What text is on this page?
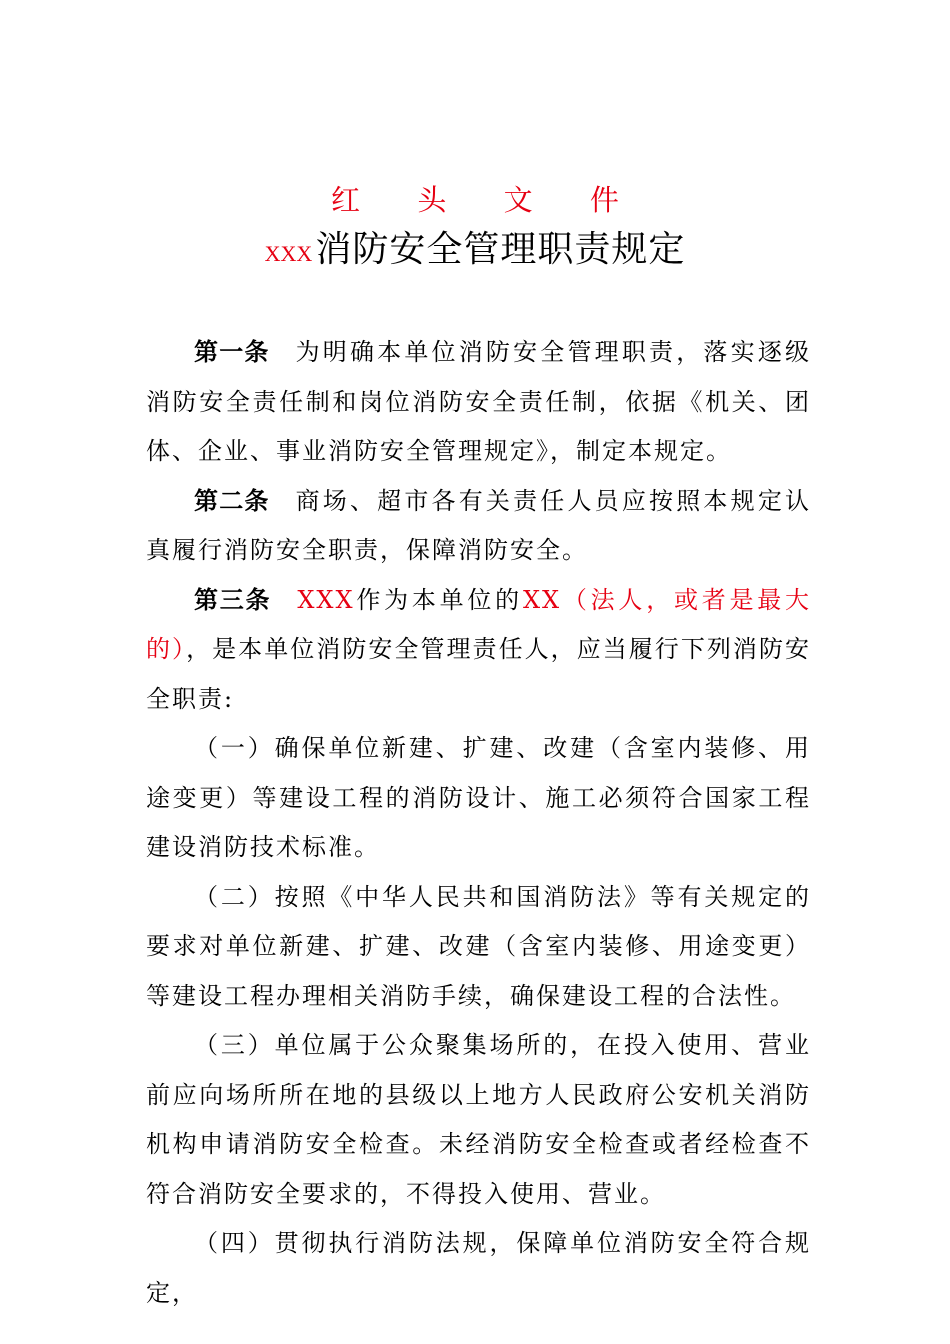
红 头 文 件
XXX消防安全管理职责规定

第一条 为明确本单位消防安全管理职责，落实逐级消防安全责任制和岗位消防安全责任制，依据《机关、团体、企业、事业消防安全管理规定》，制定本规定。

第二条 商场、超市各有关责任人员应按照本规定认真履行消防安全职责，保障消防安全。

第三条 XXX作为本单位的XX（法人，或者是最大的），是本单位消防安全管理责任人，应当履行下列消防安全职责:

（一）确保单位新建、扩建、改建（含室内装修、用途变更）等建设工程的消防设计、施工必须符合国家工程建设消防技术标准。

（二）按照《中华人民共和国消防法》等有关规定的要求对单位新建、扩建、改建（含室内装修、用途变更）等建设工程办理相关消防手续，确保建设工程的合法性。

（三）单位属于公众聚集场所的，在投入使用、营业前应向场所所在地的县级以上地方人民政府公安机关消防机构申请消防安全检查。未经消防安全检查或者经检查不符合消防安全要求的，不得投入使用、营业。

（四）贯彻执行消防法规，保障单位消防安全符合规定，
